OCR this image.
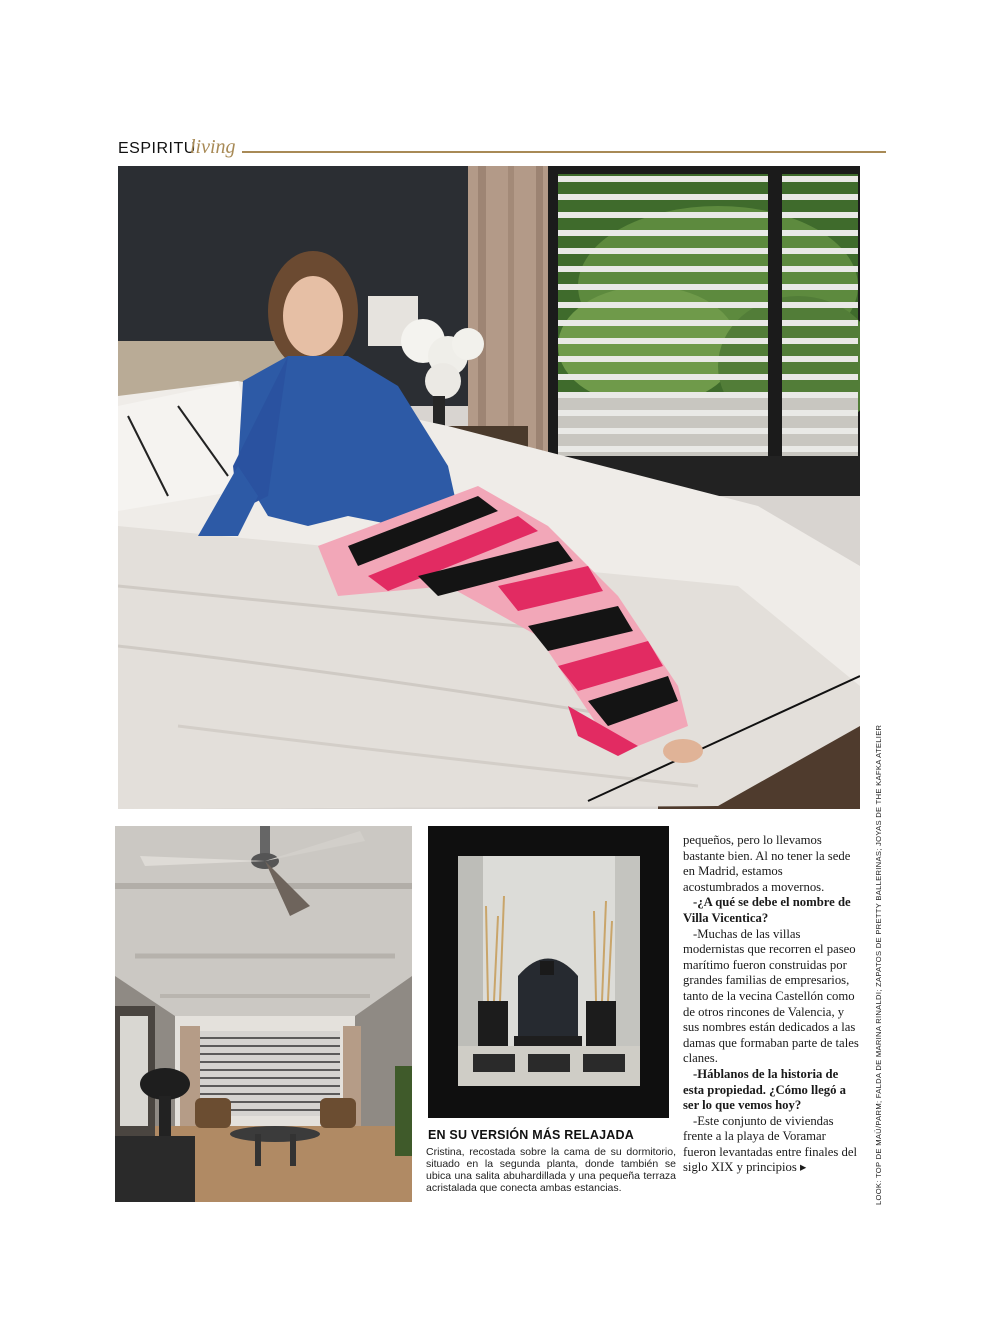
ESPIRITU
living
EN SU VERSIÓN MÁS RELAJADA
Cristina, recostada sobre la cama de su dormitorio, situado en la segunda planta, donde también se ubica una salita abuhardillada y una pequeña terraza acristalada que conecta ambas estancias.

pequeños, pero lo llevamos bastante bien. Al no tener la sede en Madrid, estamos acostumbrados a movernos.

-¿A qué se debe el nombre de Villa Vicentica?

-Muchas de las villas modernistas que recorren el paseo marítimo fueron construidas por grandes familias de empresarios, tanto de la vecina Castellón como de otros rincones de Valencia, y sus nombres están dedicados a las damas que formaban parte de tales clanes.

-Háblanos de la historia de esta propiedad. ¿Cómo llegó a ser lo que vemos hoy?

-Este conjunto de viviendas frente a la playa de Voramar fueron levantadas entre finales del siglo XIX y principios ▸	LOOK: TOP DE MAÜ/PARM; FALDA DE MARINA RINALDI; ZAPATOS DE PRETTY BALLERINAS; JOYAS DE THE KAFKA ATELIER
